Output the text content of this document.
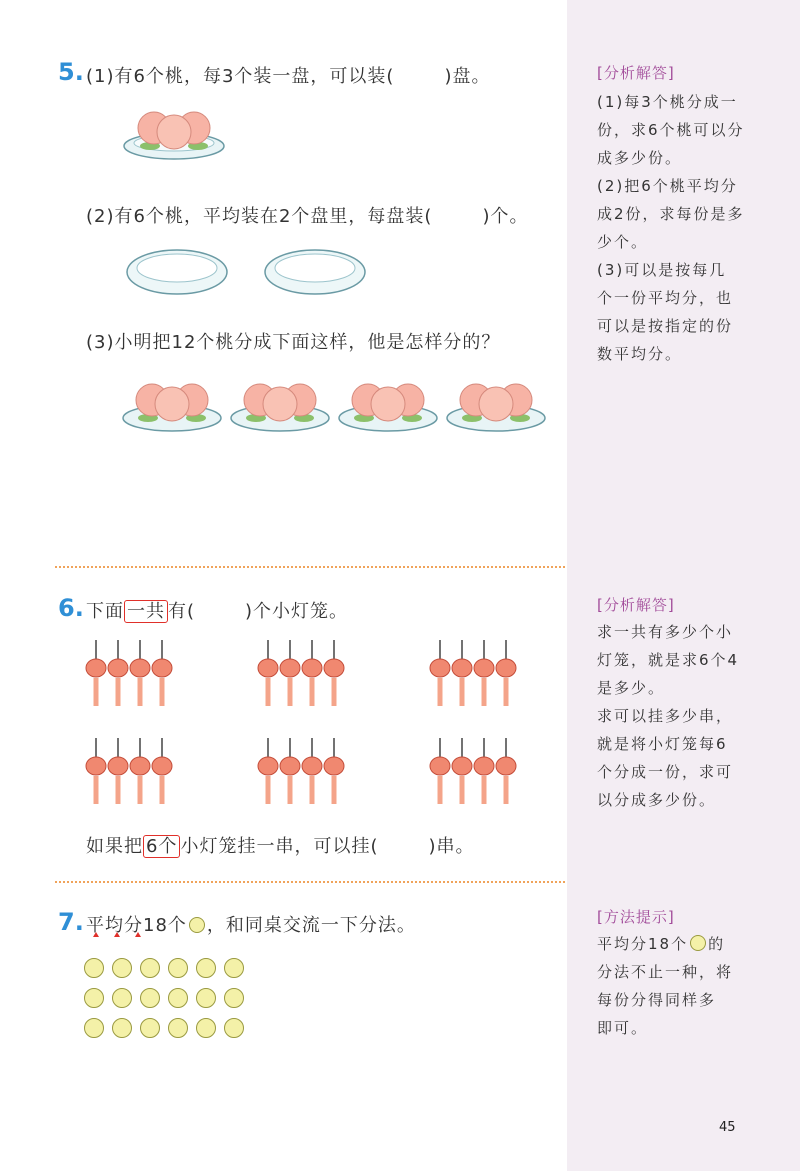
5. (1)有6个桃，每3个装一盘，可以装(	)盘。
(2)有6个桃，平均装在2个盘里，每盘装(	)个。
(3)小明把12个桃分成下面这样，他是怎样分的？
6. 下面 一共 有(	)个小灯笼。
如果把 6个 小灯笼挂一串，可以挂(	)串。
7. 平均分18个 ，和同桌交流一下分法。
[分析解答]
(1)每3个桃分成一
份，求6个桃可以分
成多少份。
(2)把6个桃平均分
成2份，求每份是多
少个。
(3)可以是按每几
个一份平均分，也
可以是按指定的份
数平均分。
[分析解答]
求一共有多少个小
灯笼，就是求6个4
是多少。
求可以挂多少串，
就是将小灯笼每6
个分成一份，求可
以分成多少份。
[方法提示]
平均分18个 的
分法不止一种，将
每份分得同样多
即可。
45
